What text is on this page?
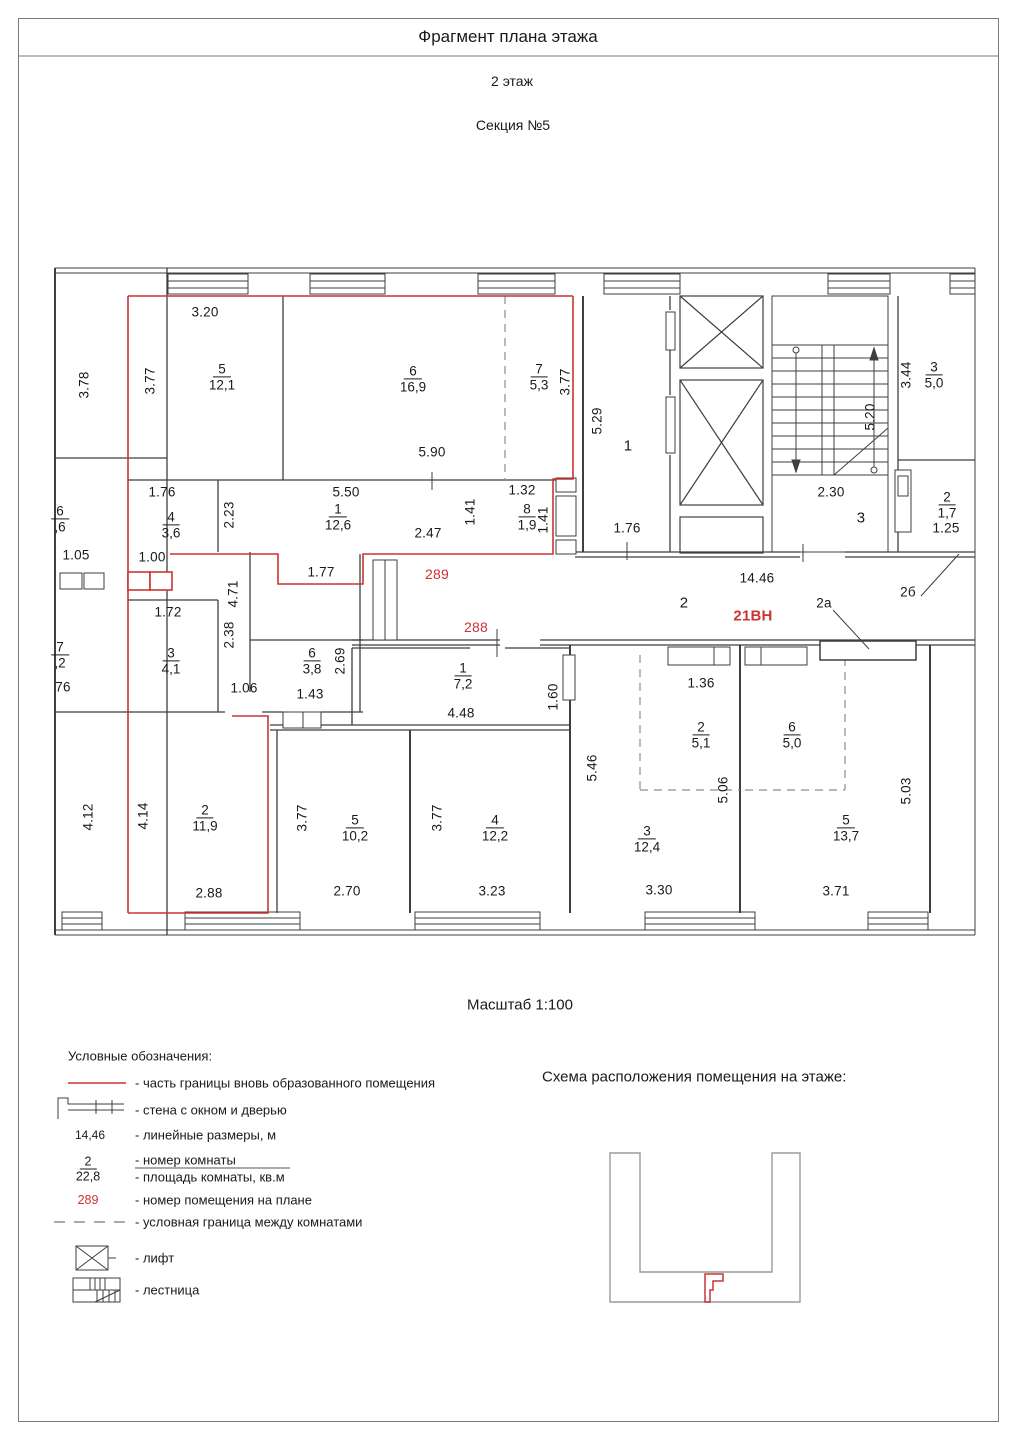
Фрагмент плана этажа
2 этаж
Секция №5
Масштаб 1:100
3.20
$\frac{5}{12,1}$
3.77
3.78	$\frac{6}{16,9}$
5.90
$\frac{7}{5,3} 3.77$
5.29
1
1.76
2.30
3
5.20
$\frac{3}{5,0}$
3.44
$\frac{2}{1,7}$
1.25
1.76
$\frac{4}{3,6}$	2.23
1.00
1.05
$\frac{6}{,6}$
$\frac{7}{,2}$
76
$\frac{1}{12,6}$
5.50
2.47
1.77
$\frac{8}{1,9}$
1.32
1.41	1.41
289
4.71
1.72
$\frac{3}{4,1}$
2.38
1.06
$\frac{6}{3,8} 2.69$
1.43
288
2
14.46
21ВН
2а
2б
$\frac{1}{7,2}$
4.48
1.60
$\frac{2}{11,9}$
4.14
2.88
4.12	$\frac{5}{10,2}$
3.77
2.70
$\frac{4}{12,2}$
3.77
3.23
$\frac{3}{12,4}$
5.46
3.30
$\frac{2}{5,1}$
1.36
5.06
$\frac{6}{5,0}$
$\frac{5}{13,7}$
3.71
5.03
Условные обозначения:
- часть границы вновь образованного помещения
- стена с окном и дверью
14,46 - линейные размеры, м
$\frac{2}{22,8}$	- номер комнаты
- площадь комнаты, кв.м
289	- номер помещения на плане
- условная граница между комнатами
- лифт
- лестница
Схема расположения помещения на этаже:
